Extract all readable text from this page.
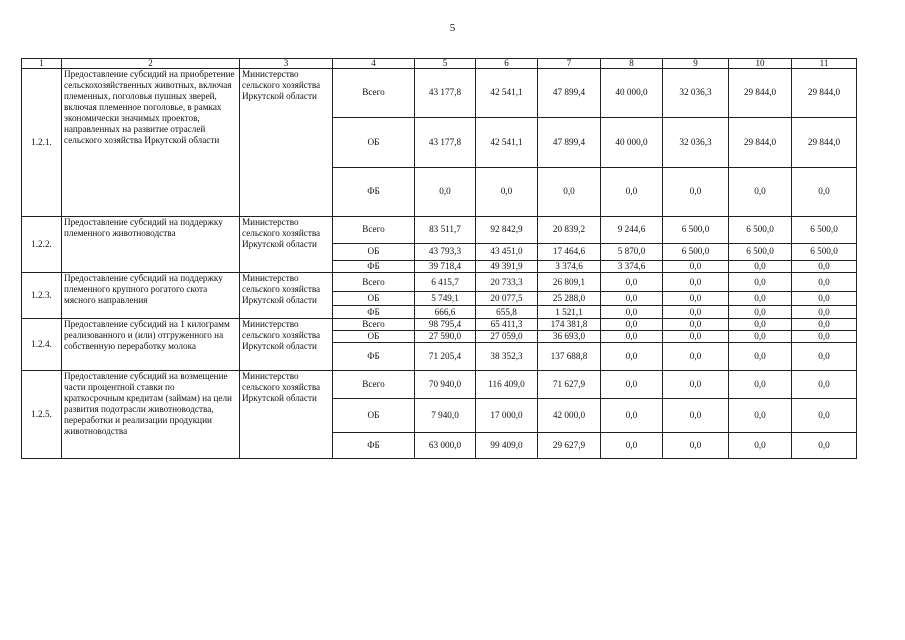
5
1	2	3	4	5	6	7	8	9	10	11
1.2.1.	Предоставление субсидий на приобретение сельскохозяйственных животных, включая племенных, поголовья пушных зверей, включая племенное поголовье, в рамках экономически значимых проектов, направленных на развитие отраслей сельского хозяйства Иркутской области	Министерство сельского хозяйства Иркутской области	Всего	43 177,8	42 541,1	47 899,4	40 000,0	32 036,3	29 844,0	29 844,0
			ОБ	43 177,8	42 541,1	47 899,4	40 000,0	32 036,3	29 844,0	29 844,0
			ФБ	0,0	0,0	0,0	0,0	0,0	0,0	0,0
1.2.2.	Предоставление субсидий на поддержку племенного животноводства	Министерство сельского хозяйства Иркутской области	Всего	83 511,7	92 842,9	20 839,2	9 244,6	6 500,0	6 500,0	6 500,0
			ОБ	43 793,3	43 451,0	17 464,6	5 870,0	6 500,0	6 500,0	6 500,0
			ФБ	39 718,4	49 391,9	3 374,6	3 374,6	0,0	0,0	0,0
1.2.3.	Предоставление субсидий на поддержку племенного крупного рогатого скота мясного направления	Министерство сельского хозяйства Иркутской области	Всего	6 415,7	20 733,3	26 809,1	0,0	0,0	0,0	0,0
			ОБ	5 749,1	20 077,5	25 288,0	0,0	0,0	0,0	0,0
			ФБ	666,6	655,8	1 521,1	0,0	0,0	0,0	0,0
1.2.4.	Предоставление субсидий на 1 килограмм реализованного и (или) отгруженного на собственную переработку молока	Министерство сельского хозяйства Иркутской области	Всего	98 795,4	65 411,3	174 381,8	0,0	0,0	0,0	0,0
			ОБ	27 590,0	27 059,0	36 693,0	0,0	0,0	0,0	0,0
			ФБ	71 205,4	38 352,3	137 688,8	0,0	0,0	0,0	0,0
1.2.5.	Предоставление субсидий на возмещение части процентной ставки по краткосрочным кредитам (займам) на цели развития подотрасли животноводства, переработки и реализации продукции животноводства	Министерство сельского хозяйства Иркутской области	Всего	70 940,0	116 409,0	71 627,9	0,0	0,0	0,0	0,0
			ОБ	7 940,0	17 000,0	42 000,0	0,0	0,0	0,0	0,0
			ФБ	63 000,0	99 409,0	29 627,9	0,0	0,0	0,0	0,0
